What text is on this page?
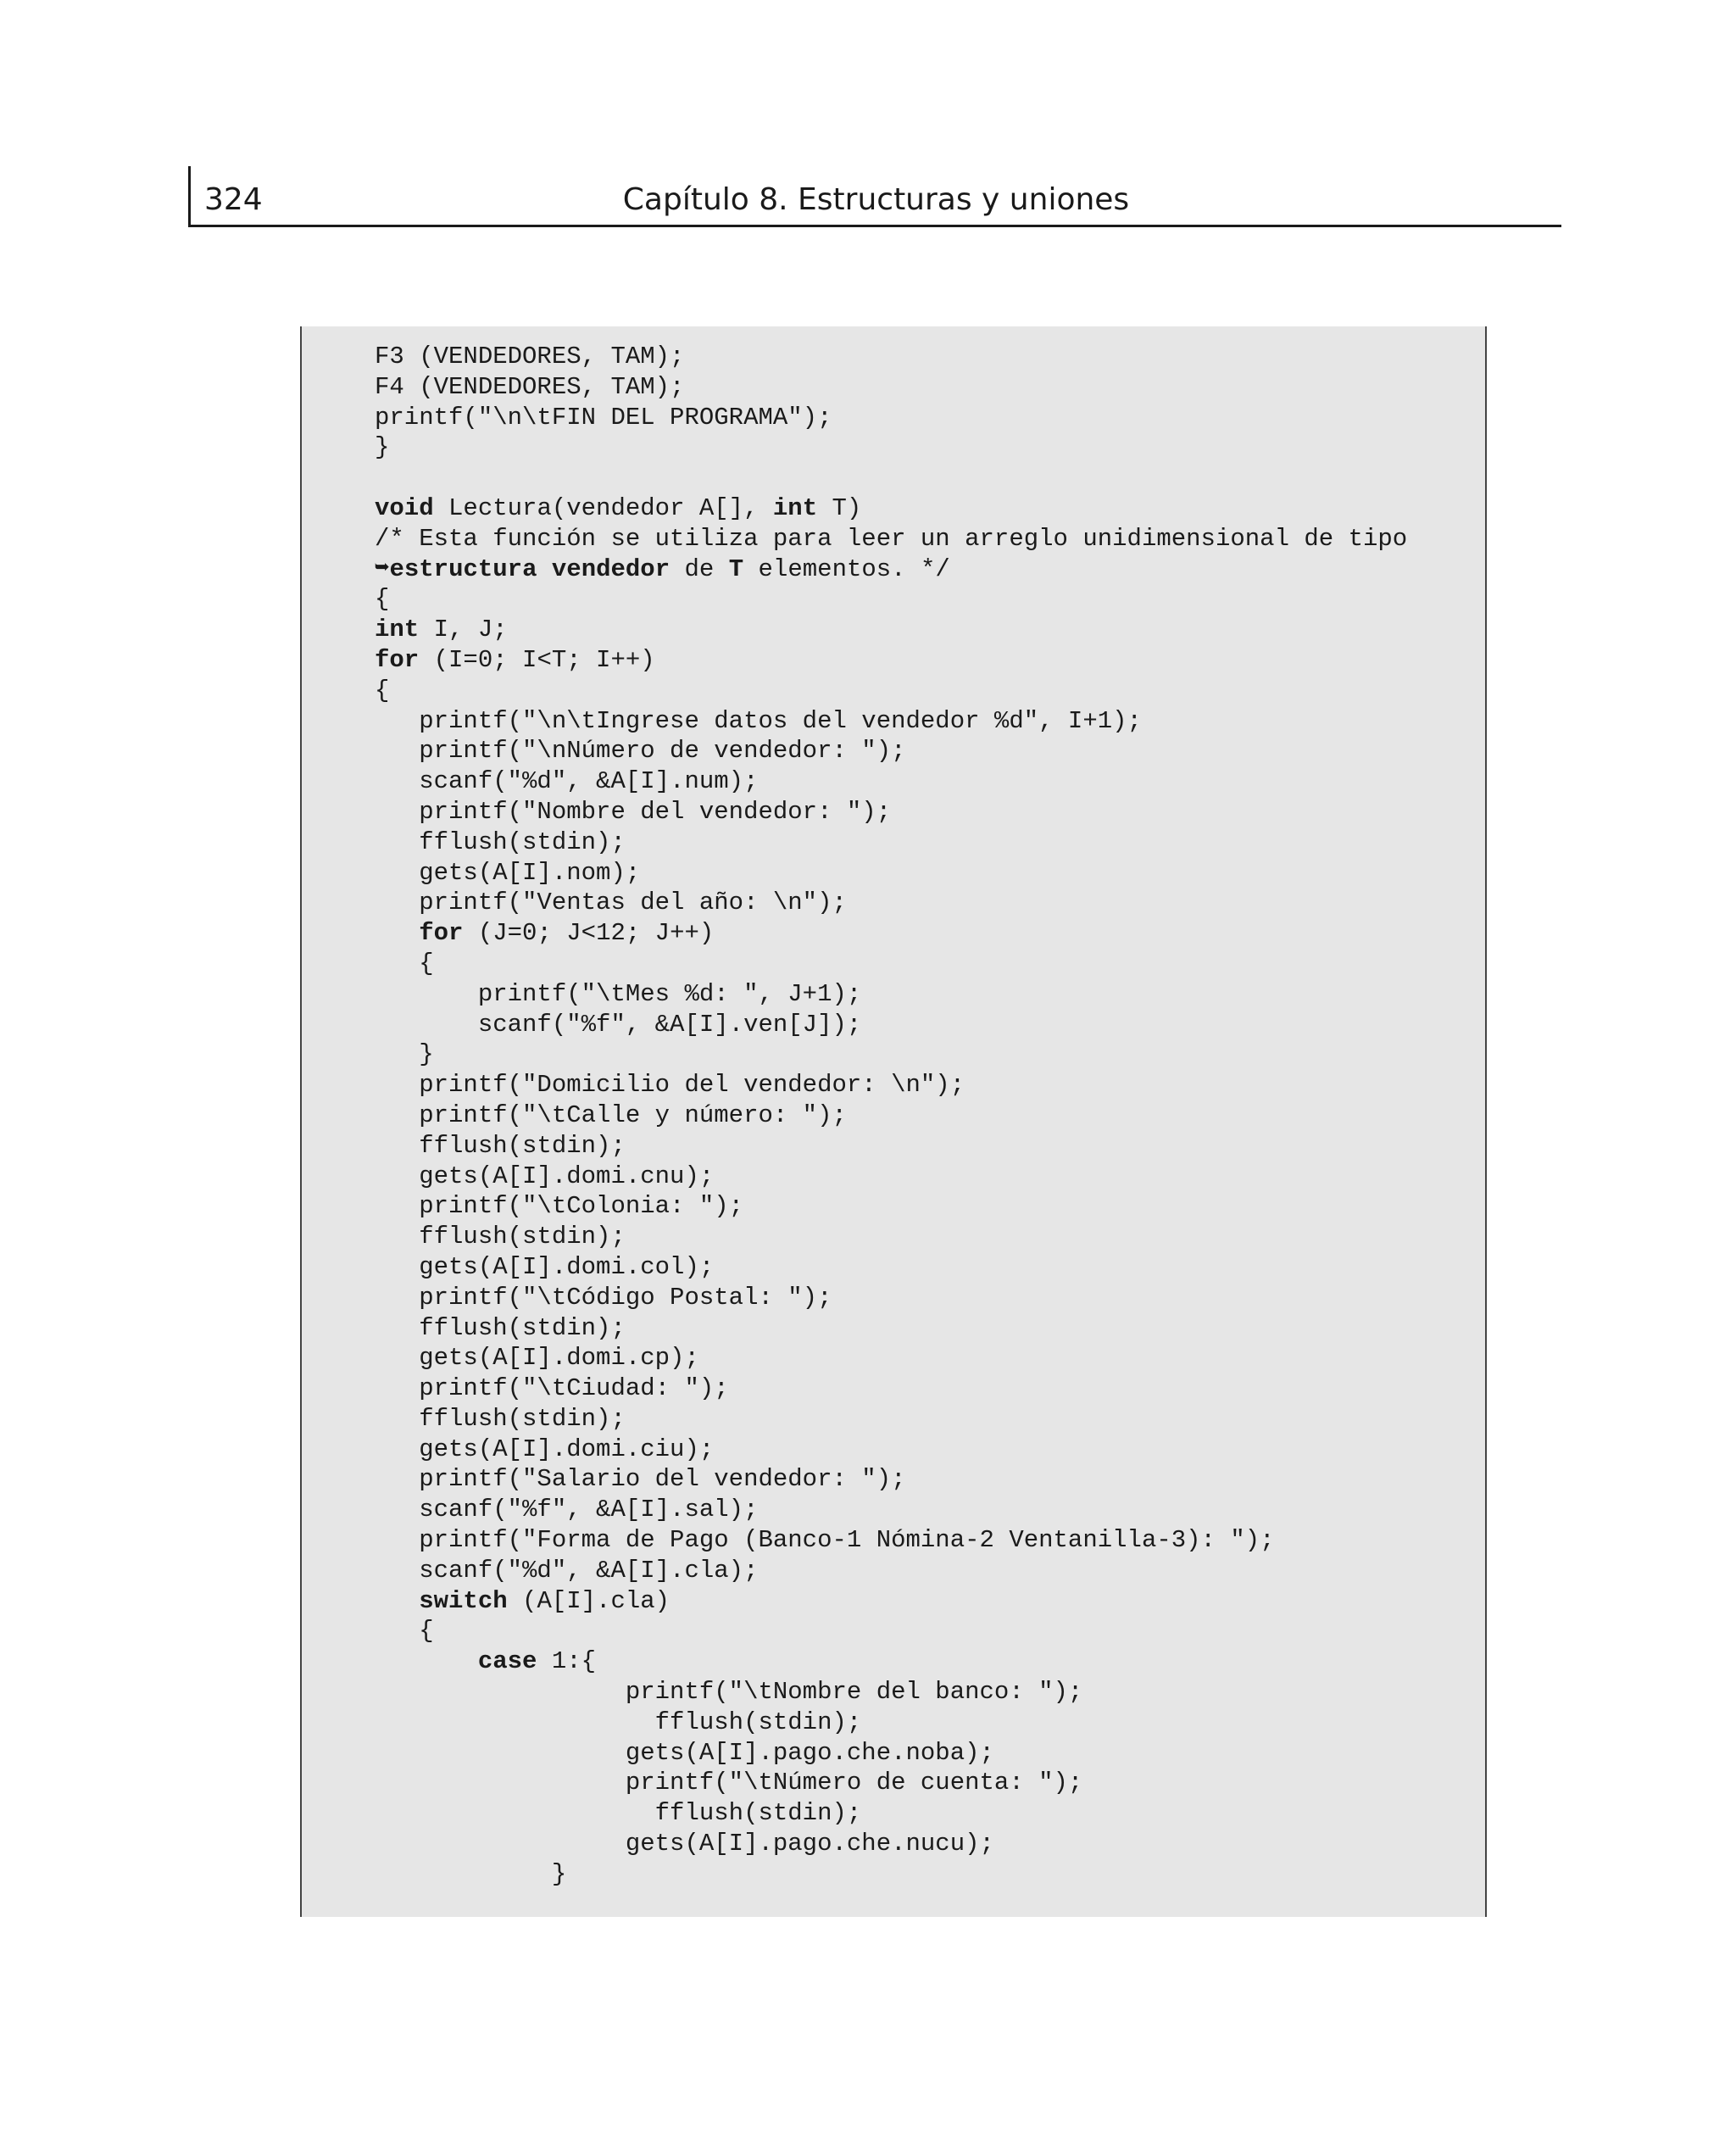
324	Capítulo 8. Estructuras y uniones
F3 (VENDEDORES, TAM);
F4 (VENDEDORES, TAM);
printf("\n\tFIN DEL PROGRAMA");
}
void Lectura(vendedor A[], int T)
/* Esta función se utiliza para leer un arreglo unidimensional de tipo
➥estructura vendedor de T elementos. */
{
int I, J;
for (I=0; I<T; I++)
{
printf("\n\tIngrese datos del vendedor %d", I+1);
printf("\nNúmero de vendedor: ");
scanf("%d", &A[I].num);
printf("Nombre del vendedor: ");
fflush(stdin);
gets(A[I].nom);
printf("Ventas del año: \n");
for (J=0; J<12; J++)
{
printf("\tMes %d: ", J+1);
scanf("%f", &A[I].ven[J]);
}
printf("Domicilio del vendedor: \n");
printf("\tCalle y número: ");
fflush(stdin);
gets(A[I].domi.cnu);
printf("\tColonia: ");
fflush(stdin);
gets(A[I].domi.col);
printf("\tCódigo Postal: ");
fflush(stdin);
gets(A[I].domi.cp);
printf("\tCiudad: ");
fflush(stdin);
gets(A[I].domi.ciu);
printf("Salario del vendedor: ");
scanf("%f", &A[I].sal);
printf("Forma de Pago (Banco-1 Nómina-2 Ventanilla-3): ");
scanf("%d", &A[I].cla);
switch (A[I].cla)
{
case 1:{
printf("\tNombre del banco: ");
fflush(stdin);
gets(A[I].pago.che.noba);
printf("\tNúmero de cuenta: ");
fflush(stdin);
gets(A[I].pago.che.nucu);
}
